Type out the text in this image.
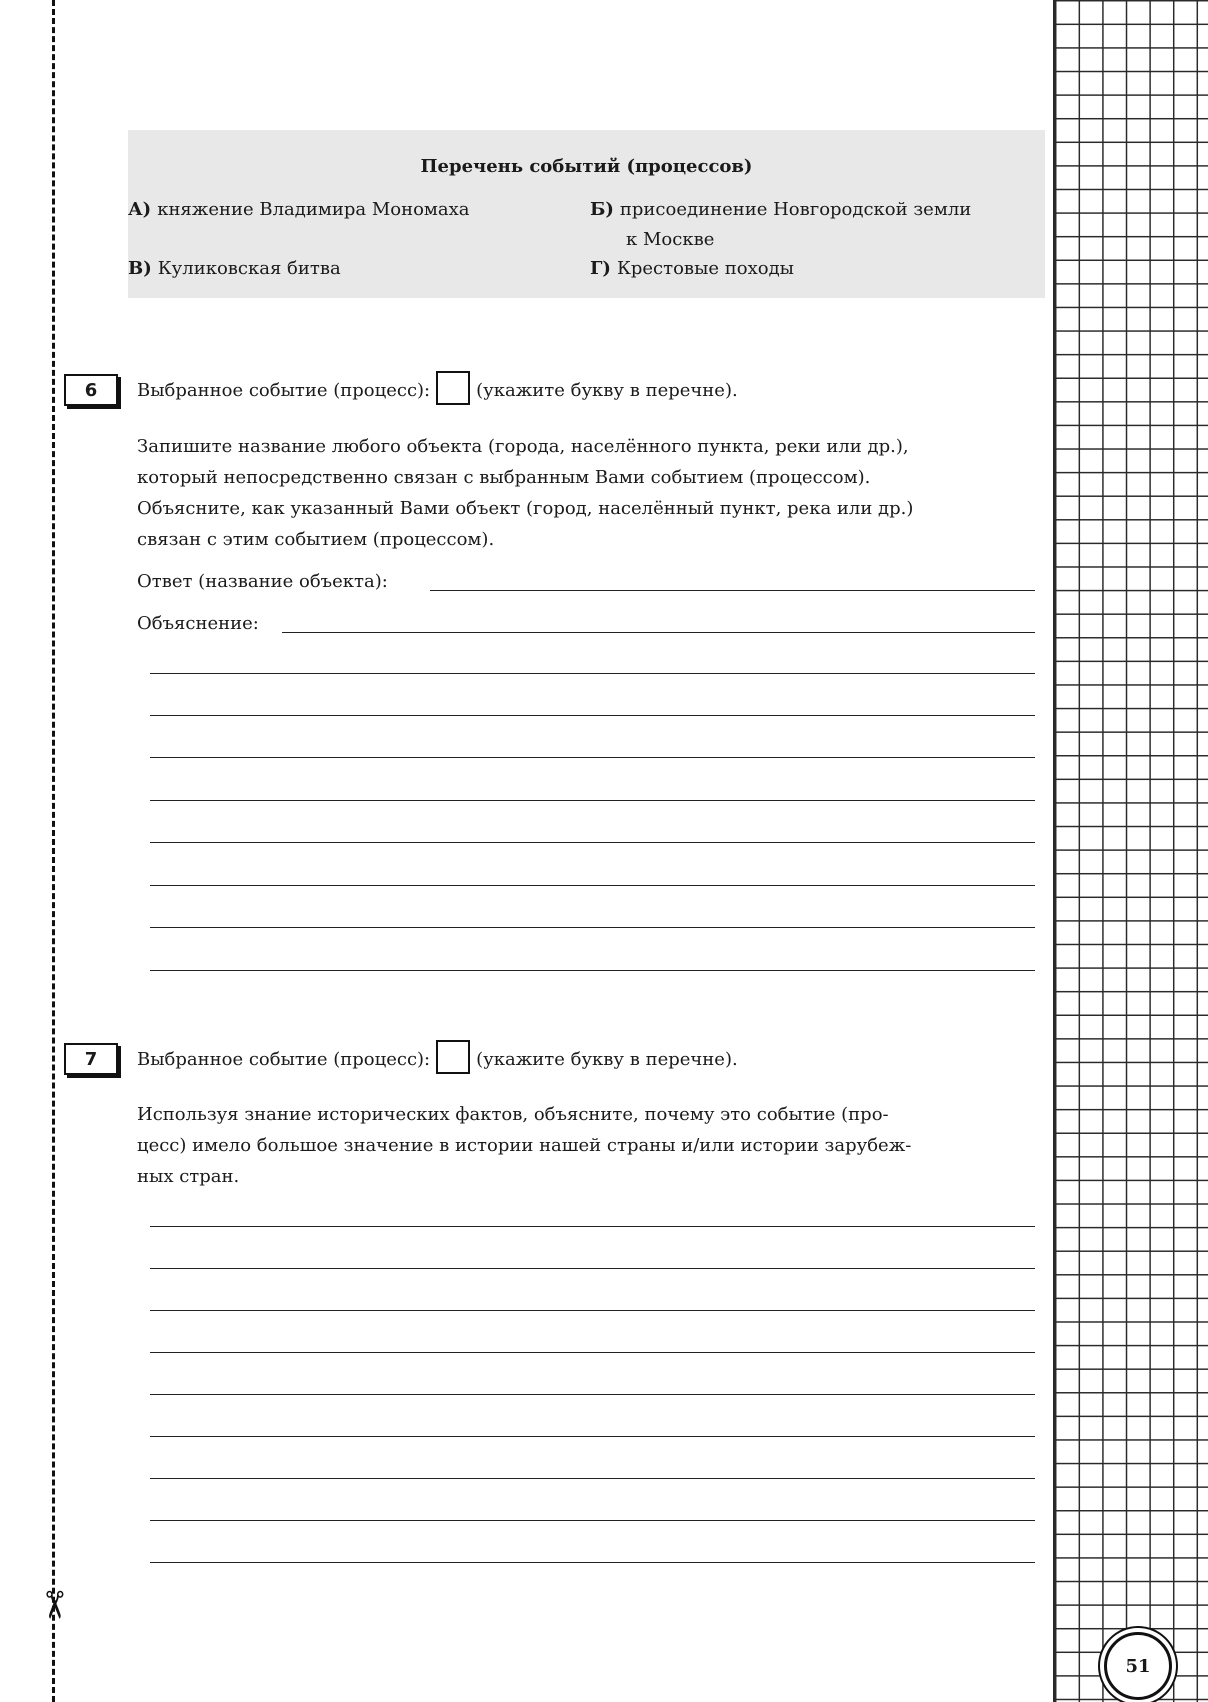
✂
51
Перечень событий (процессов)
А) княжение Владимира Мономаха	Б) присоединение Новгородской земли
к Москве
В) Куликовская битва	Г) Крестовые походы
6	Выбранное событие (процесс):	(укажите букву в перечне).
Запишите название любого объекта (города, населённого пункта, реки или др.),
который непосредственно связан с выбранным Вами событием (процессом).
Объясните, как указанный Вами объект (город, населённый пункт, река или др.)
связан с этим событием (процессом).
Ответ (название объекта):
Объяснение:
7	Выбранное событие (процесс):	(укажите букву в перечне).
Используя знание исторических фактов, объясните, почему это событие (про-
цесс) имело большое значение в истории нашей страны и/или истории зарубеж-
ных стран.
